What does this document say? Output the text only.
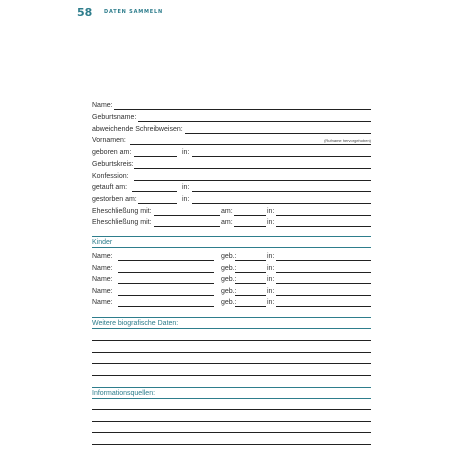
58 DATEN SAMMELN
Name:
Geburtsname:
abweichende Schreibweisen:
Vornamen:	(Rufname hervorgehoben)
geboren am:	in:
Geburtskreis:
Konfession:
getauft am:	in:
gestorben am:	in:
Eheschließung mit:	am:	in:
Eheschließung mit:	am:	in:
Kinder
Name:	geb.:	in:
Name:	geb.:	in:
Name:	geb.:	in:
Name:	geb.:	in:
Name:	geb.:	in:
Weitere biografische Daten:
Informationsquellen:
